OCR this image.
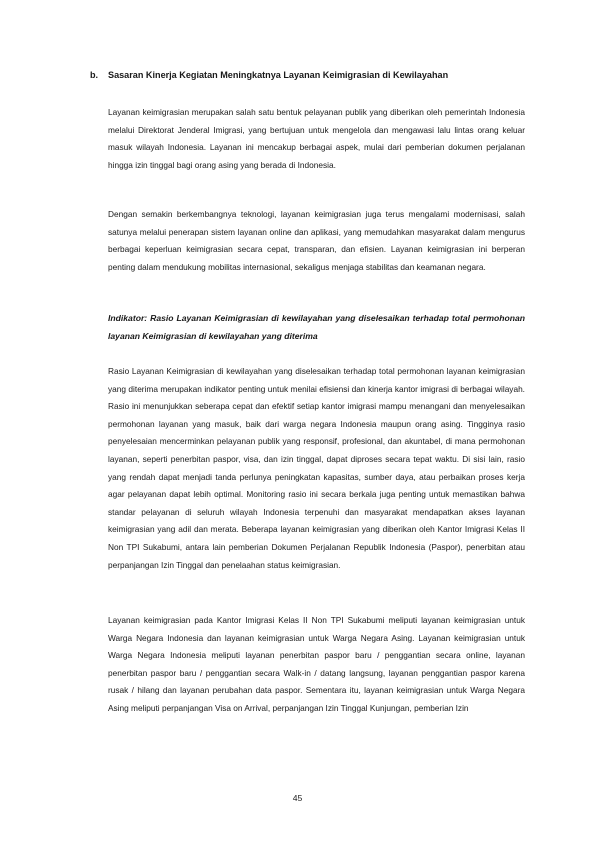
b. Sasaran Kinerja Kegiatan Meningkatnya Layanan Keimigrasian di Kewilayahan

Layanan keimigrasian merupakan salah satu bentuk pelayanan publik yang diberikan oleh pemerintah Indonesia melalui Direktorat Jenderal Imigrasi, yang bertujuan untuk mengelola dan mengawasi lalu lintas orang keluar masuk wilayah Indonesia. Layanan ini mencakup berbagai aspek, mulai dari pemberian dokumen perjalanan hingga izin tinggal bagi orang asing yang berada di Indonesia.

Dengan semakin berkembangnya teknologi, layanan keimigrasian juga terus mengalami modernisasi, salah satunya melalui penerapan sistem layanan online dan aplikasi, yang memudahkan masyarakat dalam mengurus berbagai keperluan keimigrasian secara cepat, transparan, dan efisien. Layanan keimigrasian ini berperan penting dalam mendukung mobilitas internasional, sekaligus menjaga stabilitas dan keamanan negara.

Indikator: Rasio Layanan Keimigrasian di kewilayahan yang diselesaikan terhadap total permohonan layanan Keimigrasian di kewilayahan yang diterima

Rasio Layanan Keimigrasian di kewilayahan yang diselesaikan terhadap total permohonan layanan keimigrasian yang diterima merupakan indikator penting untuk menilai efisiensi dan kinerja kantor imigrasi di berbagai wilayah. Rasio ini menunjukkan seberapa cepat dan efektif setiap kantor imigrasi mampu menangani dan menyelesaikan permohonan layanan yang masuk, baik dari warga negara Indonesia maupun orang asing. Tingginya rasio penyelesaian mencerminkan pelayanan publik yang responsif, profesional, dan akuntabel, di mana permohonan layanan, seperti penerbitan paspor, visa, dan izin tinggal, dapat diproses secara tepat waktu. Di sisi lain, rasio yang rendah dapat menjadi tanda perlunya peningkatan kapasitas, sumber daya, atau perbaikan proses kerja agar pelayanan dapat lebih optimal. Monitoring rasio ini secara berkala juga penting untuk memastikan bahwa standar pelayanan di seluruh wilayah Indonesia terpenuhi dan masyarakat mendapatkan akses layanan keimigrasian yang adil dan merata. Beberapa layanan keimigrasian yang diberikan oleh Kantor Imigrasi Kelas II Non TPI Sukabumi, antara lain pemberian Dokumen Perjalanan Republik Indonesia (Paspor), penerbitan atau perpanjangan Izin Tinggal dan penelaahan status keimigrasian.

Layanan keimigrasian pada Kantor Imigrasi Kelas II Non TPI Sukabumi meliputi layanan keimigrasian untuk Warga Negara Indonesia dan layanan keimigrasian untuk Warga Negara Asing. Layanan keimigrasian untuk Warga Negara Indonesia meliputi layanan penerbitan paspor baru / penggantian secara online, layanan penerbitan paspor baru / penggantian secara Walk-in / datang langsung, layanan penggantian paspor karena rusak / hilang dan layanan perubahan data paspor. Sementara itu, layanan keimigrasian untuk Warga Negara Asing meliputi perpanjangan Visa on Arrival, perpanjangan Izin Tinggal Kunjungan, pemberian Izin

45
